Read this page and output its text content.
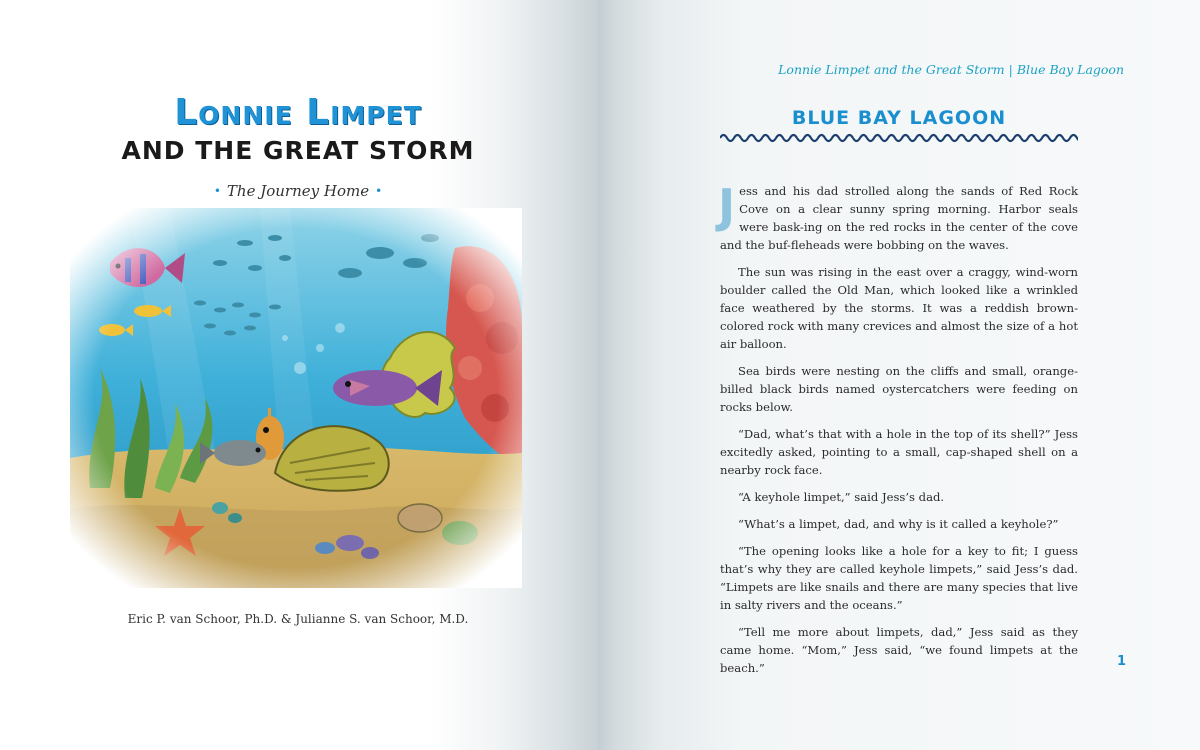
Lonnie Limpet
AND THE GREAT STORM
• The Journey Home •
Eric P. van Schoor, Ph.D. & Julianne S. van Schoor, M.D.
Lonnie Limpet and the Great Storm | Blue Bay Lagoon
BLUE BAY LAGOON

Jess and his dad strolled along the sands of Red Rock Cove on a clear sunny spring morning. Harbor seals were bask-ing on the red rocks in the center of the cove and the buf-fleheads were bobbing on the waves.

The sun was rising in the east over a craggy, wind-worn boulder called the Old Man, which looked like a wrinkled face weathered by the storms. It was a reddish brown-colored rock with many crevices and almost the size of a hot air balloon.

Sea birds were nesting on the cliffs and small, orange-billed black birds named oystercatchers were feeding on rocks below.

“Dad, what’s that with a hole in the top of its shell?” Jess excitedly asked, pointing to a small, cap-shaped shell on a nearby rock face.

“A keyhole limpet,” said Jess’s dad.

“What’s a limpet, dad, and why is it called a keyhole?”

“The opening looks like a hole for a key to fit; I guess that’s why they are called keyhole limpets,” said Jess’s dad. “Limpets are like snails and there are many species that live in salty rivers and the oceans.”

“Tell me more about limpets, dad,” Jess said as they came home. “Mom,” Jess said, “we found limpets at the beach.”	1
